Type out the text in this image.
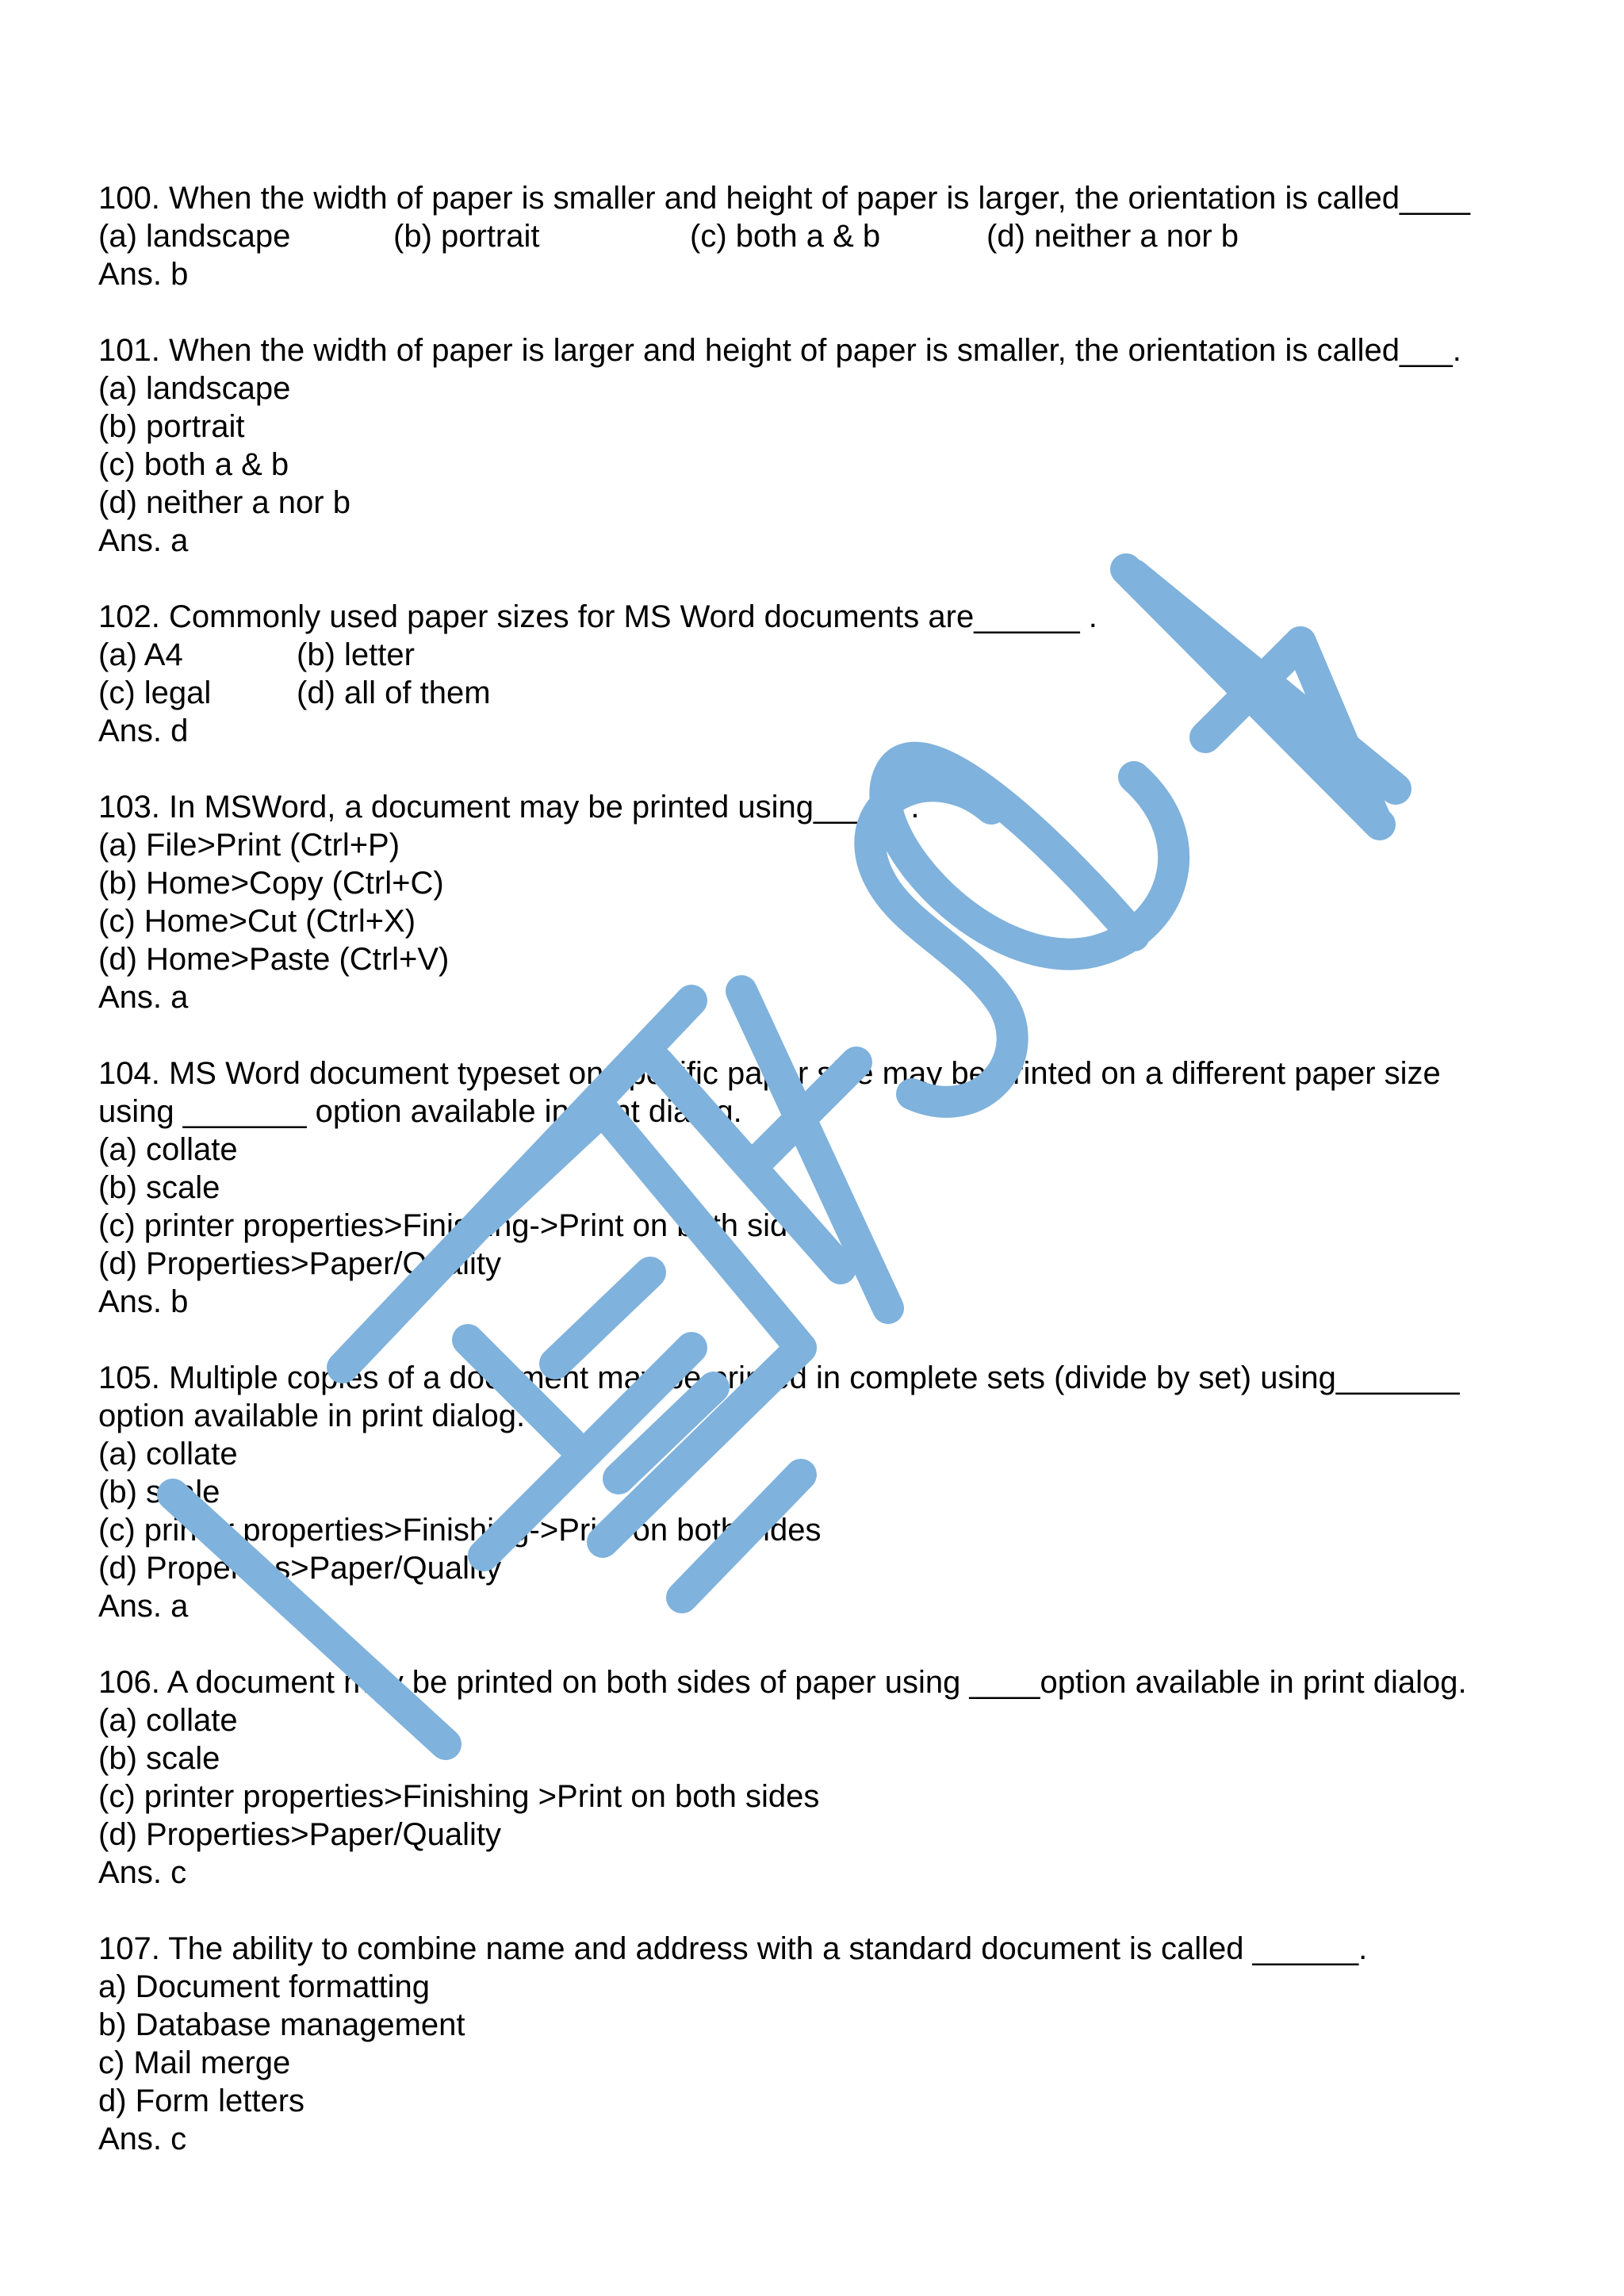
100. When the width of paper is smaller and height of paper is larger, the orientation is called____
(a) landscape	(b) portrait	(c) both a & b	(d) neither a nor b
Ans. b
101. When the width of paper is larger and height of paper is smaller, the orientation is called___.
(a) landscape
(b) portrait
(c) both a & b
(d) neither a nor b
Ans. a
102. Commonly used paper sizes for MS Word documents are______ .
(a) A4	(b) letter
(c) legal	(d) all of them
Ans. d
103. In MSWord, a document may be printed using_____ .
(a) File>Print (Ctrl+P)
(b) Home>Copy (Ctrl+C)
(c) Home>Cut (Ctrl+X)
(d) Home>Paste (Ctrl+V)
Ans. a
104. MS Word document typeset on specific paper size may be printed on a different paper size
using _______ option available in print dialog.
(a) collate
(b) scale
(c) printer properties>Finishing->Print on both sides
(d) Properties>Paper/Quality
Ans. b
105. Multiple copies of a document may be printed in complete sets (divide by set) using_______
option available in print dialog.
(a) collate
(b) scale
(c) printer properties>Finishing->Print on both sides
(d) Properties>Paper/Quality
Ans. a
106. A document may be printed on both sides of paper using ____option available in print dialog.
(a) collate
(b) scale
(c) printer properties>Finishing >Print on both sides
(d) Properties>Paper/Quality
Ans. c
107. The ability to combine name and address with a standard document is called ______.
a) Document formatting
b) Database management
c) Mail merge
d) Form letters
Ans. c
